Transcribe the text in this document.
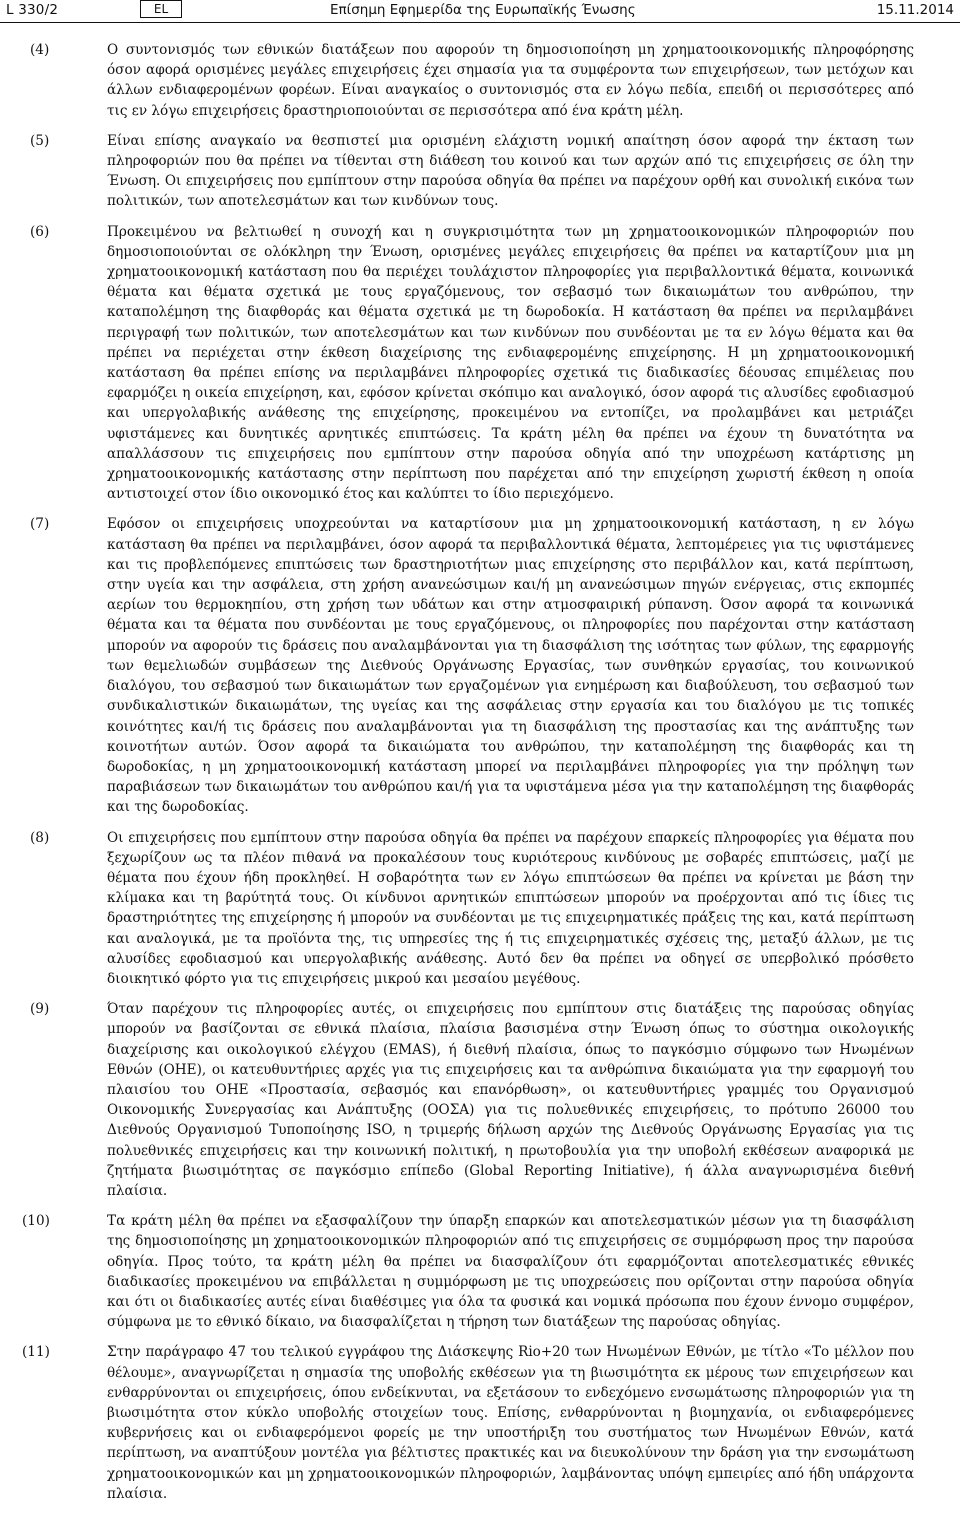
L 330/2	EL	Επίσημη Εφημερίδα της Ευρωπαϊκής Ένωσης	15.11.2014
(4)	Ο συντονισμός των εθνικών διατάξεων που αφορούν τη δημοσιοποίηση μη χρηματοοικονομικής πληροφόρησης όσον αφορά ορισμένες μεγάλες επιχειρήσεις έχει σημασία για τα συμφέροντα των επιχειρήσεων, των μετόχων και άλλων ενδιαφερομένων φορέων. Είναι αναγκαίος ο συντονισμός στα εν λόγω πεδία, επειδή οι περισσότερες από τις εν λόγω επιχειρήσεις δραστηριοποιούνται σε περισσότερα από ένα κράτη μέλη.
(5)	Είναι επίσης αναγκαίο να θεσπιστεί μια ορισμένη ελάχιστη νομική απαίτηση όσον αφορά την έκταση των πληροφοριών που θα πρέπει να τίθενται στη διάθεση του κοινού και των αρχών από τις επιχειρήσεις σε όλη την Ένωση. Οι επιχειρήσεις που εμπίπτουν στην παρούσα οδηγία θα πρέπει να παρέχουν ορθή και συνολική εικόνα των πολιτικών, των αποτελεσμάτων και των κινδύνων τους.
(6)	Προκειμένου να βελτιωθεί η συνοχή και η συγκρισιμότητα των μη χρηματοοικονομικών πληροφοριών που δημοσιοποιούνται σε ολόκληρη την Ένωση, ορισμένες μεγάλες επιχειρήσεις θα πρέπει να καταρτίζουν μια μη χρηματοοικονομική κατάσταση που θα περιέχει τουλάχιστον πληροφορίες για περιβαλλοντικά θέματα, κοινωνικά θέματα και θέματα σχετικά με τους εργαζόμενους, τον σεβασμό των δικαιωμάτων του ανθρώπου, την καταπολέμηση της διαφθοράς και θέματα σχετικά με τη δωροδοκία. Η κατάσταση θα πρέπει να περιλαμβάνει περιγραφή των πολιτικών, των αποτελεσμάτων και των κινδύνων που συνδέονται με τα εν λόγω θέματα και θα πρέπει να περιέχεται στην έκθεση διαχείρισης της ενδιαφερομένης επιχείρησης. Η μη χρηματοοικονομική κατάσταση θα πρέπει επίσης να περιλαμβάνει πληροφορίες σχετικά τις διαδικασίες δέουσας επιμέλειας που εφαρμόζει η οικεία επιχείρηση, και, εφόσον κρίνεται σκόπιμο και αναλογικό, όσον αφορά τις αλυσίδες εφοδιασμού και υπεργολαβικής ανάθεσης της επιχείρησης, προκειμένου να εντοπίζει, να προλαμβάνει και μετριάζει υφιστάμενες και δυνητικές αρνητικές επιπτώσεις. Τα κράτη μέλη θα πρέπει να έχουν τη δυνατότητα να απαλλάσσουν τις επιχειρήσεις που εμπίπτουν στην παρούσα οδηγία από την υποχρέωση κατάρτισης μη χρηματοοικονομικής κατάστασης στην περίπτωση που παρέχεται από την επιχείρηση χωριστή έκθεση η οποία αντιστοιχεί στον ίδιο οικονομικό έτος και καλύπτει το ίδιο περιεχόμενο.
(7)	Εφόσον οι επιχειρήσεις υποχρεούνται να καταρτίσουν μια μη χρηματοοικονομική κατάσταση, η εν λόγω κατάσταση θα πρέπει να περιλαμβάνει, όσον αφορά τα περιβαλλοντικά θέματα, λεπτομέρειες για τις υφιστάμενες και τις προβλεπόμενες επιπτώσεις των δραστηριοτήτων μιας επιχείρησης στο περιβάλλον και, κατά περίπτωση, στην υγεία και την ασφάλεια, στη χρήση ανανεώσιμων και/ή μη ανανεώσιμων πηγών ενέργειας, στις εκπομπές αερίων του θερμοκηπίου, στη χρήση των υδάτων και στην ατμοσφαιρική ρύπανση. Όσον αφορά τα κοινωνικά θέματα και τα θέματα που συνδέονται με τους εργαζόμενους, οι πληροφορίες που παρέχονται στην κατάσταση μπορούν να αφορούν τις δράσεις που αναλαμβάνονται για τη διασφάλιση της ισότητας των φύλων, της εφαρμογής των θεμελιωδών συμβάσεων της Διεθνούς Οργάνωσης Εργασίας, των συνθηκών εργασίας, του κοινωνικού διαλόγου, του σεβασμού των δικαιωμάτων των εργαζομένων για ενημέρωση και διαβούλευση, του σεβασμού των συνδικαλιστικών δικαιωμάτων, της υγείας και της ασφάλειας στην εργασία και του διαλόγου με τις τοπικές κοινότητες και/ή τις δράσεις που αναλαμβάνονται για τη διασφάλιση της προστασίας και της ανάπτυξης των κοινοτήτων αυτών. Όσον αφορά τα δικαιώματα του ανθρώπου, την καταπολέμηση της διαφθοράς και τη δωροδοκίας, η μη χρηματοοικονομική κατάσταση μπορεί να περιλαμβάνει πληροφορίες για την πρόληψη των παραβιάσεων των δικαιωμάτων του ανθρώπου και/ή για τα υφιστάμενα μέσα για την καταπολέμηση της διαφθοράς και της δωροδοκίας.
(8)	Οι επιχειρήσεις που εμπίπτουν στην παρούσα οδηγία θα πρέπει να παρέχουν επαρκείς πληροφορίες για θέματα που ξεχωρίζουν ως τα πλέον πιθανά να προκαλέσουν τους κυριότερους κινδύνους με σοβαρές επιπτώσεις, μαζί με θέματα που έχουν ήδη προκληθεί. Η σοβαρότητα των εν λόγω επιπτώσεων θα πρέπει να κρίνεται με βάση την κλίμακα και τη βαρύτητά τους. Οι κίνδυνοι αρνητικών επιπτώσεων μπορούν να προέρχονται από τις ίδιες τις δραστηριότητες της επιχείρησης ή μπορούν να συνδέονται με τις επιχειρηματικές πράξεις της και, κατά περίπτωση και αναλογικά, με τα προϊόντα της, τις υπηρεσίες της ή τις επιχειρηματικές σχέσεις της, μεταξύ άλλων, με τις αλυσίδες εφοδιασμού και υπεργολαβικής ανάθεσης. Αυτό δεν θα πρέπει να οδηγεί σε υπερβολικό πρόσθετο διοικητικό φόρτο για τις επιχειρήσεις μικρού και μεσαίου μεγέθους.
(9)	Όταν παρέχουν τις πληροφορίες αυτές, οι επιχειρήσεις που εμπίπτουν στις διατάξεις της παρούσας οδηγίας μπορούν να βασίζονται σε εθνικά πλαίσια, πλαίσια βασισμένα στην Ένωση όπως το σύστημα οικολογικής διαχείρισης και οικολογικού ελέγχου (EMAS), ή διεθνή πλαίσια, όπως το παγκόσμιο σύμφωνο των Ηνωμένων Εθνών (ΟΗΕ), οι κατευθυντήριες αρχές για τις επιχειρήσεις και τα ανθρώπινα δικαιώματα για την εφαρμογή του πλαισίου του ΟΗΕ «Προστασία, σεβασμός και επανόρθωση», οι κατευθυντήριες γραμμές του Οργανισμού Οικονομικής Συνεργασίας και Ανάπτυξης (ΟΟΣΑ) για τις πολυεθνικές επιχειρήσεις, το πρότυπο 26000 του Διεθνούς Οργανισμού Τυποποίησης ISO, η τριμερής δήλωση αρχών της Διεθνούς Οργάνωσης Εργασίας για τις πολυεθνικές επιχειρήσεις και την κοινωνική πολιτική, η πρωτοβουλία για την υποβολή εκθέσεων αναφορικά με ζητήματα βιωσιμότητας σε παγκόσμιο επίπεδο (Global Reporting Initiative), ή άλλα αναγνωρισμένα διεθνή πλαίσια.
(10)	Τα κράτη μέλη θα πρέπει να εξασφαλίζουν την ύπαρξη επαρκών και αποτελεσματικών μέσων για τη διασφάλιση της δημοσιοποίησης μη χρηματοοικονομικών πληροφοριών από τις επιχειρήσεις σε συμμόρφωση προς την παρούσα οδηγία. Προς τούτο, τα κράτη μέλη θα πρέπει να διασφαλίζουν ότι εφαρμόζονται αποτελεσματικές εθνικές διαδικασίες προκειμένου να επιβάλλεται η συμμόρφωση με τις υποχρεώσεις που ορίζονται στην παρούσα οδηγία και ότι οι διαδικασίες αυτές είναι διαθέσιμες για όλα τα φυσικά και νομικά πρόσωπα που έχουν έννομο συμφέρον, σύμφωνα με το εθνικό δίκαιο, να διασφαλίζεται η τήρηση των διατάξεων της παρούσας οδηγίας.
(11)	Στην παράγραφο 47 του τελικού εγγράφου της Διάσκεψης Rio+20 των Ηνωμένων Εθνών, με τίτλο «Το μέλλον που θέλουμε», αναγνωρίζεται η σημασία της υποβολής εκθέσεων για τη βιωσιμότητα εκ μέρους των επιχειρήσεων και ενθαρρύνονται οι επιχειρήσεις, όπου ενδείκνυται, να εξετάσουν το ενδεχόμενο ενσωμάτωσης πληροφοριών για τη βιωσιμότητα στον κύκλο υποβολής στοιχείων τους. Επίσης, ενθαρρύνονται η βιομηχανία, οι ενδιαφερόμενες κυβερνήσεις και οι ενδιαφερόμενοι φορείς με την υποστήριξη του συστήματος των Ηνωμένων Εθνών, κατά περίπτωση, να αναπτύξουν μοντέλα για βέλτιστες πρακτικές και να διευκολύνουν την δράση για την ενσωμάτωση χρηματοοικονομικών και μη χρηματοοικονομικών πληροφοριών, λαμβάνοντας υπόψη εμπειρίες από ήδη υπάρχοντα πλαίσια.
